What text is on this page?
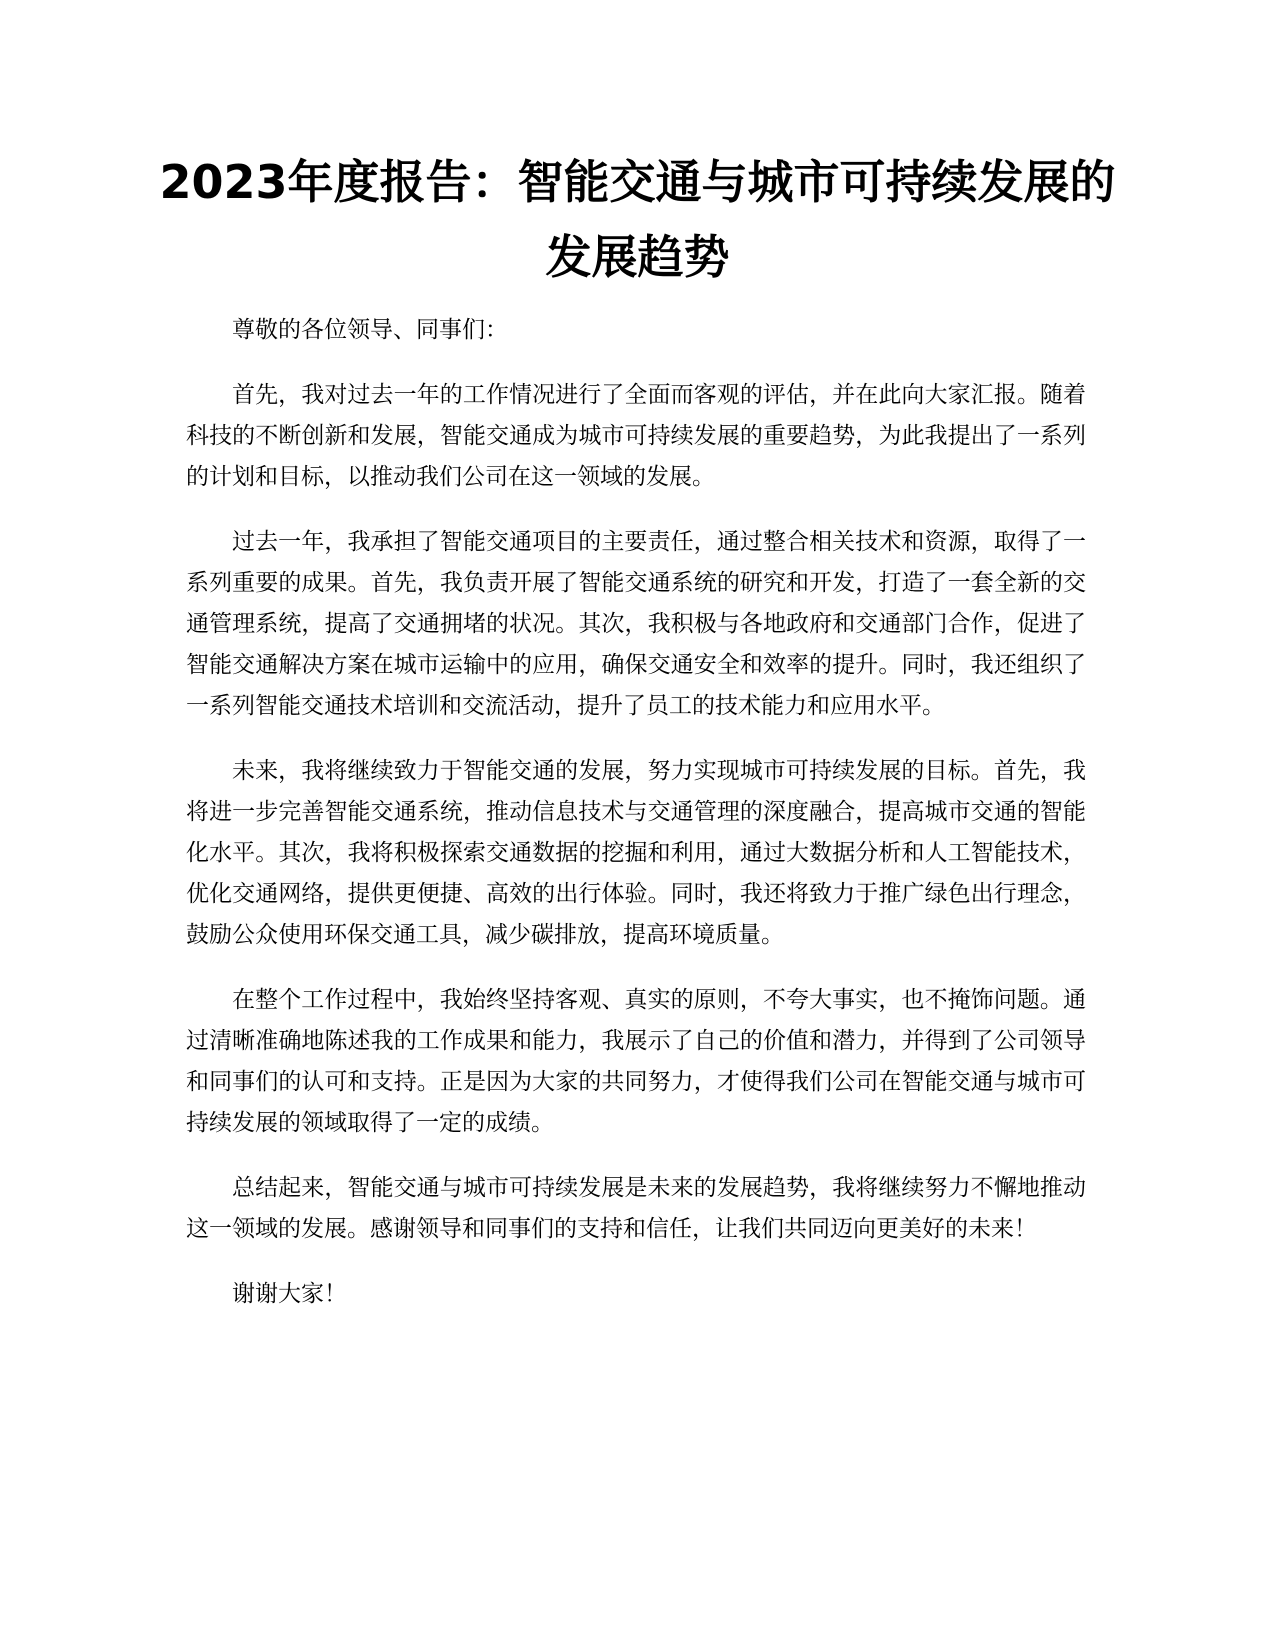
2023年度报告：智能交通与城市可持续发展的发展趋势

尊敬的各位领导、同事们：

首先，我对过去一年的工作情况进行了全面而客观的评估，并在此向大家汇报。随着科技的不断创新和发展，智能交通成为城市可持续发展的重要趋势，为此我提出了一系列的计划和目标，以推动我们公司在这一领域的发展。

过去一年，我承担了智能交通项目的主要责任，通过整合相关技术和资源，取得了一系列重要的成果。首先，我负责开展了智能交通系统的研究和开发，打造了一套全新的交通管理系统，提高了交通拥堵的状况。其次，我积极与各地政府和交通部门合作，促进了智能交通解决方案在城市运输中的应用，确保交通安全和效率的提升。同时，我还组织了一系列智能交通技术培训和交流活动，提升了员工的技术能力和应用水平。

未来，我将继续致力于智能交通的发展，努力实现城市可持续发展的目标。首先，我将进一步完善智能交通系统，推动信息技术与交通管理的深度融合，提高城市交通的智能化水平。其次，我将积极探索交通数据的挖掘和利用，通过大数据分析和人工智能技术，优化交通网络，提供更便捷、高效的出行体验。同时，我还将致力于推广绿色出行理念，鼓励公众使用环保交通工具，减少碳排放，提高环境质量。

在整个工作过程中，我始终坚持客观、真实的原则，不夸大事实，也不掩饰问题。通过清晰准确地陈述我的工作成果和能力，我展示了自己的价值和潜力，并得到了公司领导和同事们的认可和支持。正是因为大家的共同努力，才使得我们公司在智能交通与城市可持续发展的领域取得了一定的成绩。

总结起来，智能交通与城市可持续发展是未来的发展趋势，我将继续努力不懈地推动这一领域的发展。感谢领导和同事们的支持和信任，让我们共同迈向更美好的未来！

谢谢大家！
